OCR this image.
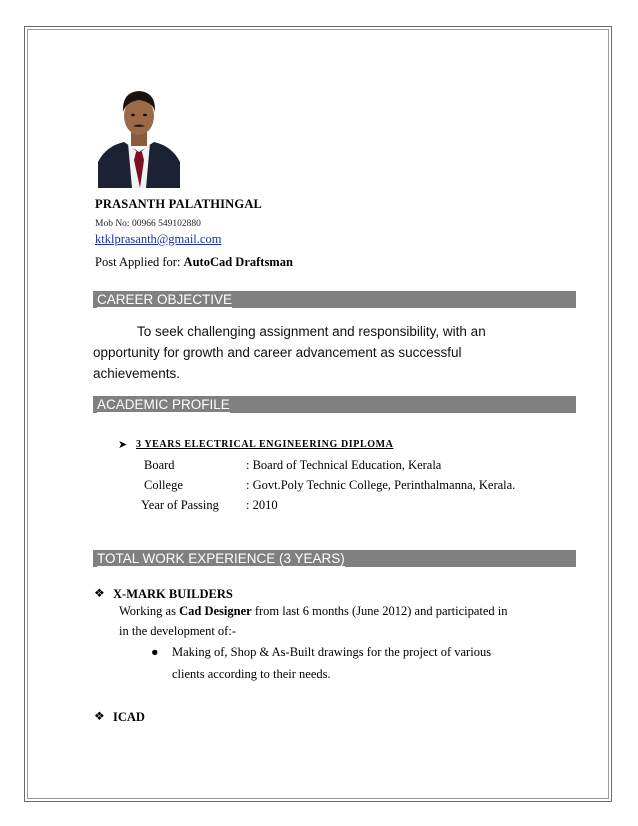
PRASANTH PALATHINGAL
Mob No: 00966 549102880
ktklprasanth@gmail.com
Post Applied for: AutoCad Draftsman
CAREER OBJECTIVE
To seek challenging assignment and responsibility, with an
opportunity for growth and career advancement as successful
achievements.
ACADEMIC PROFILE
➤ 3 YEARS ELECTRICAL ENGINEERING DIPLOMA
Board	: Board of Technical Education, Kerala
College	: Govt.Poly Technic College, Perinthalmanna, Kerala.
Year of Passing : 2010
TOTAL WORK EXPERIENCE (3 YEARS)
❖ X-MARK BUILDERS
Working as Cad Designer from last 6 months (June 2012) and participated in
in the development of:-
● Making of, Shop & As-Built drawings for the project of various
clients according to their needs.
❖ ICAD
